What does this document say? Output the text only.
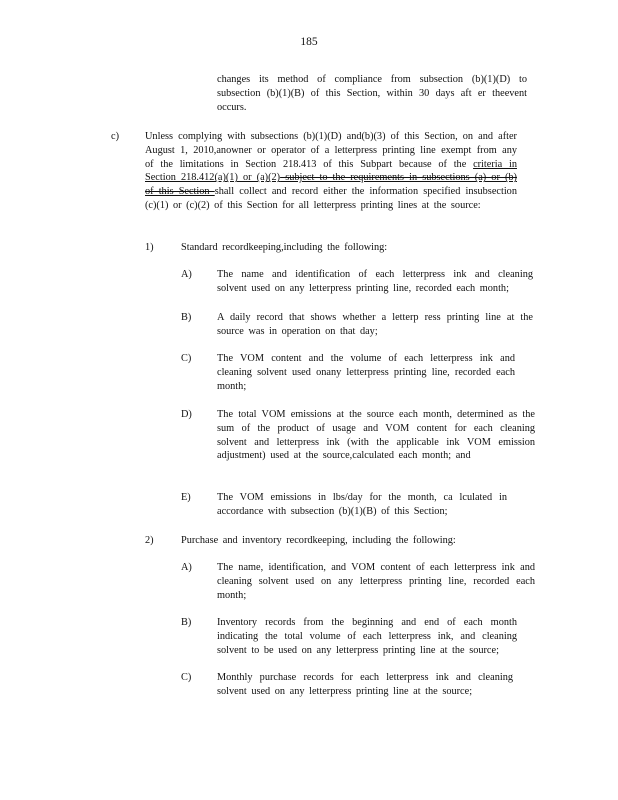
185
changes its method of compliance from subsection (b)(1)(D) to subsection (b)(1)(B) of this Section, within 30 days aft er theevent occurs.
c)	Unless complying with subsections (b)(1)(D) and(b)(3) of this Section, on and after August 1, 2010,anowner or operator of a letterpress printing line exempt from any of the limitations in Section 218.413 of this Subpart because of the criteria in Section 218.412(a)(1) or (a)(2) subject to the requirements in subsections (a) or (b) of this Section shall collect and record either the information specified insubsection (c)(1) or (c)(2) of this Section for all letterpress printing lines at the source:
1)	Standard recordkeeping,including the following:
A) The name and identification of each letterpress ink and cleaning solvent used on any letterpress printing line, recorded each month;
B) A daily record that shows whether a letterp ress printing line at the source was in operation on that day;
C) The VOM content and the volume of each letterpress ink and cleaning solvent used onany letterpress printing line, recorded each month;
D) The total VOM emissions at the source each month, determined as the sum of the product of usage and VOM content for each cleaning solvent and letterpress ink (with the applicable ink VOM emission adjustment) used at the source,calculated each month; and
E)	The VOM emissions in lbs/day for the month, ca lculated in accordance with subsection (b)(1)(B) of this Section;
2)	Purchase and inventory recordkeeping, including the following:
A) The name, identification, and VOM content of each letterpress ink and cleaning solvent used on any letterpress printing line, recorded each month;
B) Inventory records from the beginning and end of each month indicating the total volume of each letterpress ink, and cleaning solvent to be used on any letterpress printing line at the source;
C) Monthly purchase records for each letterpress ink and cleaning solvent used on any letterpress printing line at the source;
